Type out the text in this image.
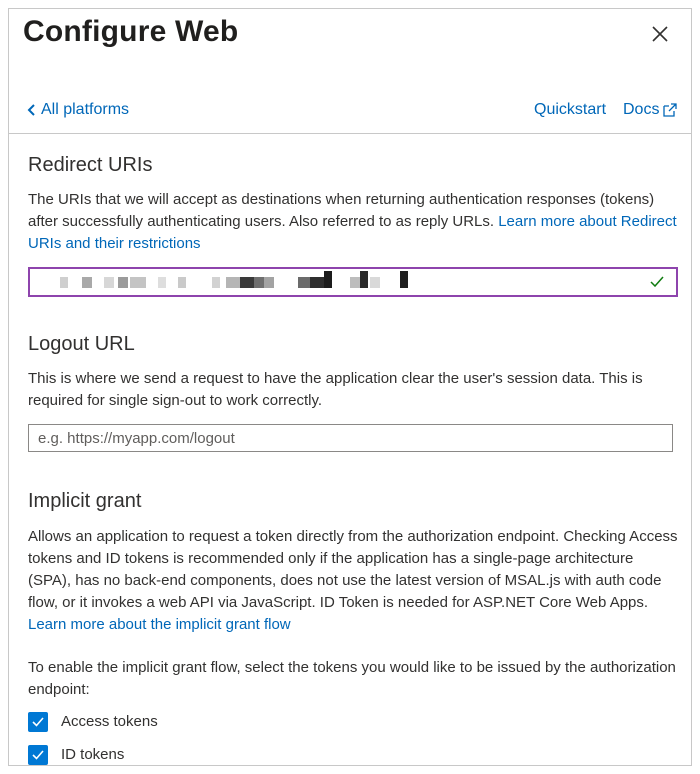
Configure Web
All platforms	Quickstart Docs
Redirect URIs

The URIs that we will accept as destinations when returning authentication responses (tokens) after successfully authenticating users. Also referred to as reply URLs. Learn more about Redirect URIs and their restrictions

Logout URL

This is where we send a request to have the application clear the user's session data. This is required for single sign-out to work correctly.

e.g. https://myapp.com/logout
Implicit grant

Allows an application to request a token directly from the authorization endpoint. Checking Access tokens and ID tokens is recommended only if the application has a single-page architecture (SPA), has no back-end components, does not use the latest version of MSAL.js with auth code flow, or it invokes a web API via JavaScript. ID Token is needed for ASP.NET Core Web Apps. Learn more about the implicit grant flow

To enable the implicit grant flow, select the tokens you would like to be issued by the authorization endpoint:

Access tokens
ID tokens
